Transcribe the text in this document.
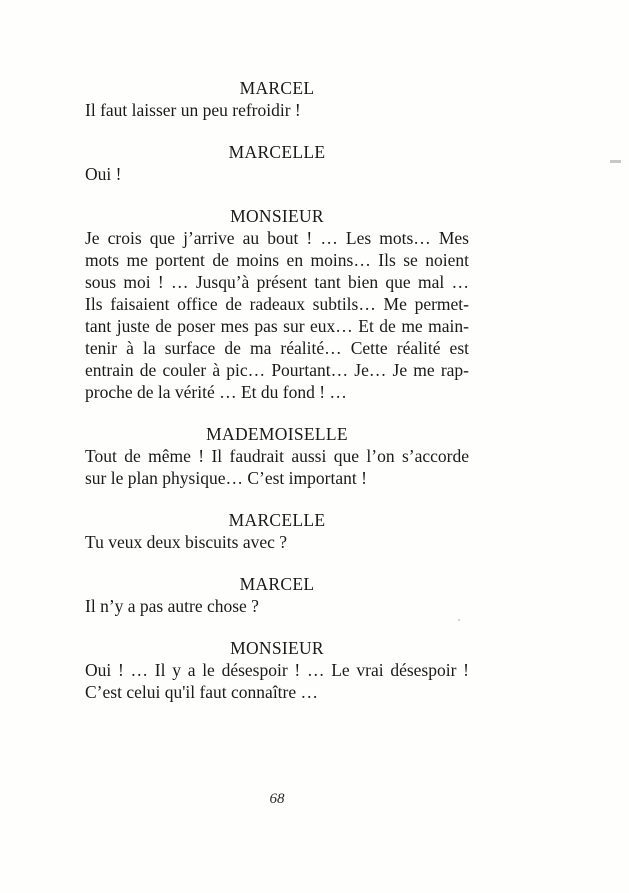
MARCEL
Il faut laisser un peu refroidir !
MARCELLE
Oui !
MONSIEUR
Je crois que j’arrive au bout ! … Les mots… Mes
mots me portent de moins en moins… Ils se noient
sous moi ! … Jusqu’à présent tant bien que mal …
Ils faisaient office de radeaux subtils… Me permet-
tant juste de poser mes pas sur eux… Et de me main-
tenir à la surface de ma réalité… Cette réalité est
entrain de couler à pic… Pourtant… Je… Je me rap-
proche de la vérité … Et du fond ! …
MADEMOISELLE
Tout de même ! Il faudrait aussi que l’on s’accorde
sur le plan physique… C’est important !
MARCELLE
Tu veux deux biscuits avec ?
MARCEL
Il n’y a pas autre chose ?
MONSIEUR
Oui ! … Il y a le désespoir ! … Le vrai désespoir !
C’est celui qu'il faut connaître …
68
